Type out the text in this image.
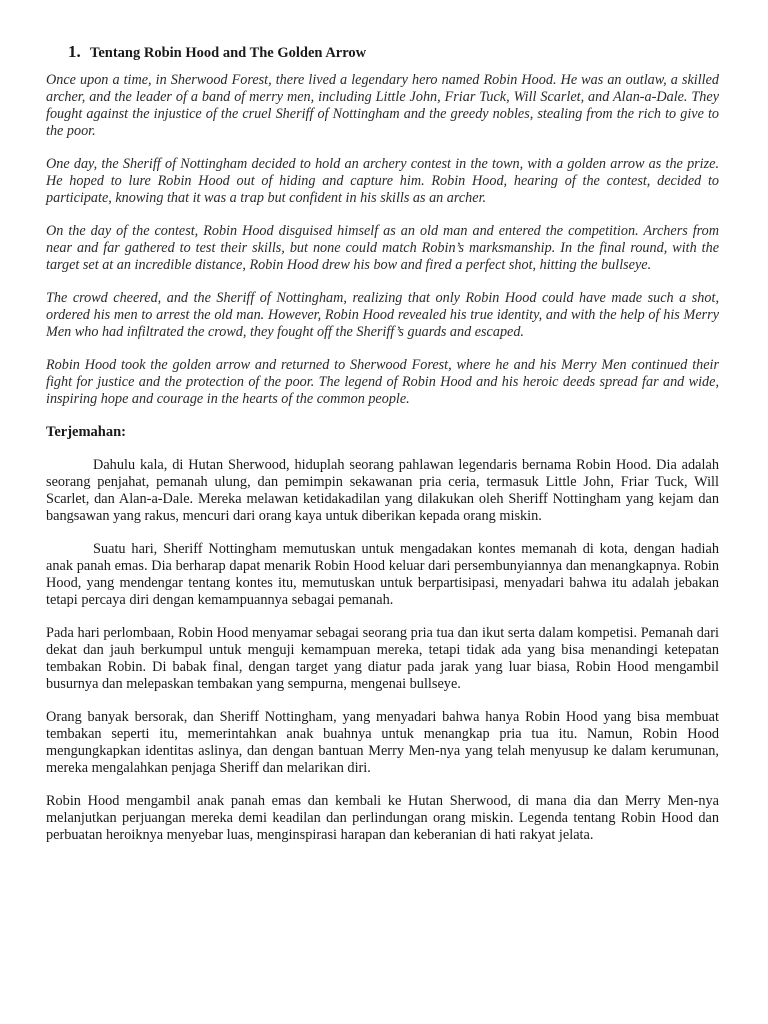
1. Tentang Robin Hood and The Golden Arrow

Once upon a time, in Sherwood Forest, there lived a legendary hero named Robin Hood. He was an outlaw, a skilled archer, and the leader of a band of merry men, including Little John, Friar Tuck, Will Scarlet, and Alan-a-Dale. They fought against the injustice of the cruel Sheriff of Nottingham and the greedy nobles, stealing from the rich to give to the poor.

One day, the Sheriff of Nottingham decided to hold an archery contest in the town, with a golden arrow as the prize. He hoped to lure Robin Hood out of hiding and capture him. Robin Hood, hearing of the contest, decided to participate, knowing that it was a trap but confident in his skills as an archer.

On the day of the contest, Robin Hood disguised himself as an old man and entered the competition. Archers from near and far gathered to test their skills, but none could match Robin’s marksmanship. In the final round, with the target set at an incredible distance, Robin Hood drew his bow and fired a perfect shot, hitting the bullseye.

The crowd cheered, and the Sheriff of Nottingham, realizing that only Robin Hood could have made such a shot, ordered his men to arrest the old man. However, Robin Hood revealed his true identity, and with the help of his Merry Men who had infiltrated the crowd, they fought off the Sheriff’s guards and escaped.

Robin Hood took the golden arrow and returned to Sherwood Forest, where he and his Merry Men continued their fight for justice and the protection of the poor. The legend of Robin Hood and his heroic deeds spread far and wide, inspiring hope and courage in the hearts of the common people.

Terjemahan:

Dahulu kala, di Hutan Sherwood, hiduplah seorang pahlawan legendaris bernama Robin Hood. Dia adalah seorang penjahat, pemanah ulung, dan pemimpin sekawanan pria ceria, termasuk Little John, Friar Tuck, Will Scarlet, dan Alan-a-Dale. Mereka melawan ketidakadilan yang dilakukan oleh Sheriff Nottingham yang kejam dan bangsawan yang rakus, mencuri dari orang kaya untuk diberikan kepada orang miskin.

Suatu hari, Sheriff Nottingham memutuskan untuk mengadakan kontes memanah di kota, dengan hadiah anak panah emas. Dia berharap dapat menarik Robin Hood keluar dari persembunyiannya dan menangkapnya. Robin Hood, yang mendengar tentang kontes itu, memutuskan untuk berpartisipasi, menyadari bahwa itu adalah jebakan tetapi percaya diri dengan kemampuannya sebagai pemanah.

Pada hari perlombaan, Robin Hood menyamar sebagai seorang pria tua dan ikut serta dalam kompetisi. Pemanah dari dekat dan jauh berkumpul untuk menguji kemampuan mereka, tetapi tidak ada yang bisa menandingi ketepatan tembakan Robin. Di babak final, dengan target yang diatur pada jarak yang luar biasa, Robin Hood mengambil busurnya dan melepaskan tembakan yang sempurna, mengenai bullseye.

Orang banyak bersorak, dan Sheriff Nottingham, yang menyadari bahwa hanya Robin Hood yang bisa membuat tembakan seperti itu, memerintahkan anak buahnya untuk menangkap pria tua itu. Namun, Robin Hood mengungkapkan identitas aslinya, dan dengan bantuan Merry Men-nya yang telah menyusup ke dalam kerumunan, mereka mengalahkan penjaga Sheriff dan melarikan diri.

Robin Hood mengambil anak panah emas dan kembali ke Hutan Sherwood, di mana dia dan Merry Men-nya melanjutkan perjuangan mereka demi keadilan dan perlindungan orang miskin. Legenda tentang Robin Hood dan perbuatan heroiknya menyebar luas, menginspirasi harapan dan keberanian di hati rakyat jelata.
